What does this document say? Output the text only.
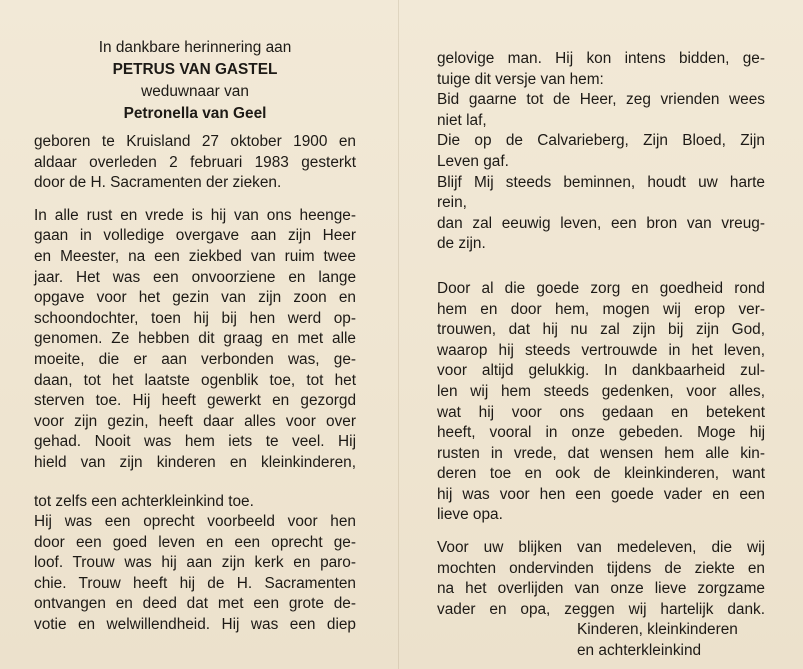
In dankbare herinnering aan
PETRUS VAN GASTEL
weduwnaar van
Petronella van Geel
geboren te Kruisland 27 oktober 1900 en
aldaar overleden 2 februari 1983 gesterkt
door de H. Sacramenten der zieken.
In alle rust en vrede is hij van ons heenge-
gaan in volledige overgave aan zijn Heer
en Meester, na een ziekbed van ruim twee
jaar. Het was een onvoorziene en lange
opgave voor het gezin van zijn zoon en
schoondochter, toen hij bij hen werd op-
genomen. Ze hebben dit graag en met alle
moeite, die er aan verbonden was, ge-
daan, tot het laatste ogenblik toe, tot het
sterven toe. Hij heeft gewerkt en gezorgd
voor zijn gezin, heeft daar alles voor over
gehad. Nooit was hem iets te veel. Hij
hield van zijn kinderen en kleinkinderen,
tot zelfs een achterkleinkind toe.
Hij was een oprecht voorbeeld voor hen
door een goed leven en een oprecht ge-
loof. Trouw was hij aan zijn kerk en paro-
chie. Trouw heeft hij de H. Sacramenten
ontvangen en deed dat met een grote de-
votie en welwillendheid. Hij was een diep
gelovige man. Hij kon intens bidden, ge-
tuige dit versje van hem:
Bid gaarne tot de Heer, zeg vrienden wees
niet laf,
Die op de Calvarieberg, Zijn Bloed, Zijn
Leven gaf.
Blijf Mij steeds beminnen, houdt uw harte
rein,
dan zal eeuwig leven, een bron van vreug-
de zijn.
Door al die goede zorg en goedheid rond
hem en door hem, mogen wij erop ver-
trouwen, dat hij nu zal zijn bij zijn God,
waarop hij steeds vertrouwde in het leven,
voor altijd gelukkig. In dankbaarheid zul-
len wij hem steeds gedenken, voor alles,
wat hij voor ons gedaan en betekent
heeft, vooral in onze gebeden. Moge hij
rusten in vrede, dat wensen hem alle kin-
deren toe en ook de kleinkinderen, want
hij was voor hen een goede vader en een
lieve opa.
Voor uw blijken van medeleven, die wij
mochten ondervinden tijdens de ziekte en
na het overlijden van onze lieve zorgzame
vader en opa, zeggen wij hartelijk dank.
Kinderen, kleinkinderen
en achterkleinkind
